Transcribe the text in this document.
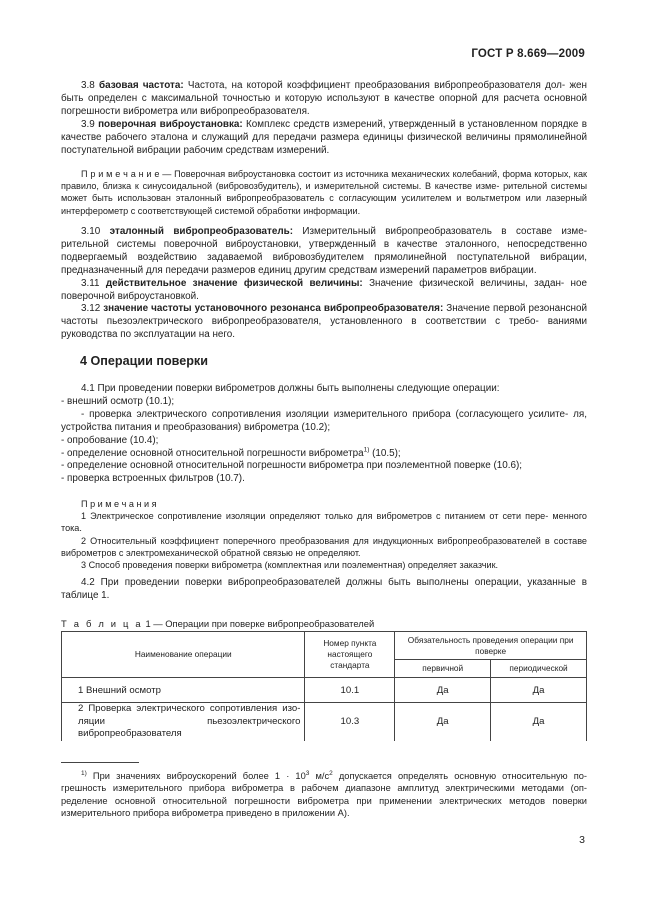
ГОСТ Р 8.669—2009

3.8 базовая частота: Частота, на которой коэффициент преобразования вибропреобразователя дол- жен быть определен с максимальной точностью и которую используют в качестве опорной для расчета основной погрешности виброметра или вибропреобразователя.

3.9 поверочная виброустановка: Комплекс средств измерений, утвержденный в установленном порядке в качестве рабочего эталона и служащий для передачи размера единицы физической величины прямолинейной поступательной вибрации рабочим средствам измерений.

П р и м е ч а н и е — Поверочная виброустановка состоит из источника механических колебаний, форма которых, как правило, близка к синусоидальной (вибровозбудитель), и измерительной системы. В качестве изме- рительной системы может быть использован эталонный вибропреобразователь с согласующим усилителем и вольтметром или лазерный интерферометр с соответствующей системой обработки информации.

3.10 эталонный вибропреобразователь: Измерительный вибропреобразователь в составе изме- рительной системы поверочной виброустановки, утвержденный в качестве эталонного, непосредственно подвергаемый воздействию задаваемой вибровозбудителем прямолинейной поступательной вибрации, предназначенный для передачи размеров единиц другим средствам измерений параметров вибрации.

3.11 действительное значение физической величины: Значение физической величины, задан- ное поверочной виброустановкой.

3.12 значение частоты установочного резонанса вибропреобразователя: Значение первой резонансной частоты пьезоэлектрического вибропреобразователя, установленного в соответствии с требо- ваниями руководства по эксплуатации на него.

4 Операции поверки

4.1 При проведении поверки виброметров должны быть выполнены следующие операции:

- внешний осмотр (10.1);

- проверка электрического сопротивления изоляции измерительного прибора (согласующего усилите- ля, устройства питания и преобразования) виброметра (10.2);

- опробование (10.4);

- определение основной относительной погрешности виброметра$^{1)}$ (10.5);

- определение основной относительной погрешности виброметра при поэлементной поверке (10.6);

- проверка встроенных фильтров (10.7).

П р и м е ч а н и я

1 Электрическое сопротивление изоляции определяют только для виброметров с питанием от сети пере- менного тока.

2 Относительный коэффициент поперечного преобразования для индукционных вибропреобразователей в составе виброметров с электромеханической обратной связью не определяют.

3 Способ проведения поверки виброметра (комплектная или поэлементная) определяет заказчик.

4.2 При проведении поверки вибропреобразователей должны быть выполнены операции, указанные в таблице 1.

Т а б л и ц а 1 — Операции при поверке вибропреобразователей
Наименование операции	Номер пункта настоящего стандарта	Обязательность проведения операции при поверке	
		первичной	периодической
1 Внешний осмотр	10.1	Да	Да
2 Проверка электрического сопротивления изо- ляции пьезоэлектрического вибропреобразователя	10.3	Да	Да

$^{1)}$ При значениях виброускорений более $1 \cdot 10^3$ $м/с^2$ допускается определять основную относительную по- грешность измерительного прибора виброметра в рабочем диапазоне амплитуд электрическими методами (оп- ределение основной относительной погрешности виброметра при применении электрических методов поверки измерительного прибора виброметра приведено в приложении А).

3
